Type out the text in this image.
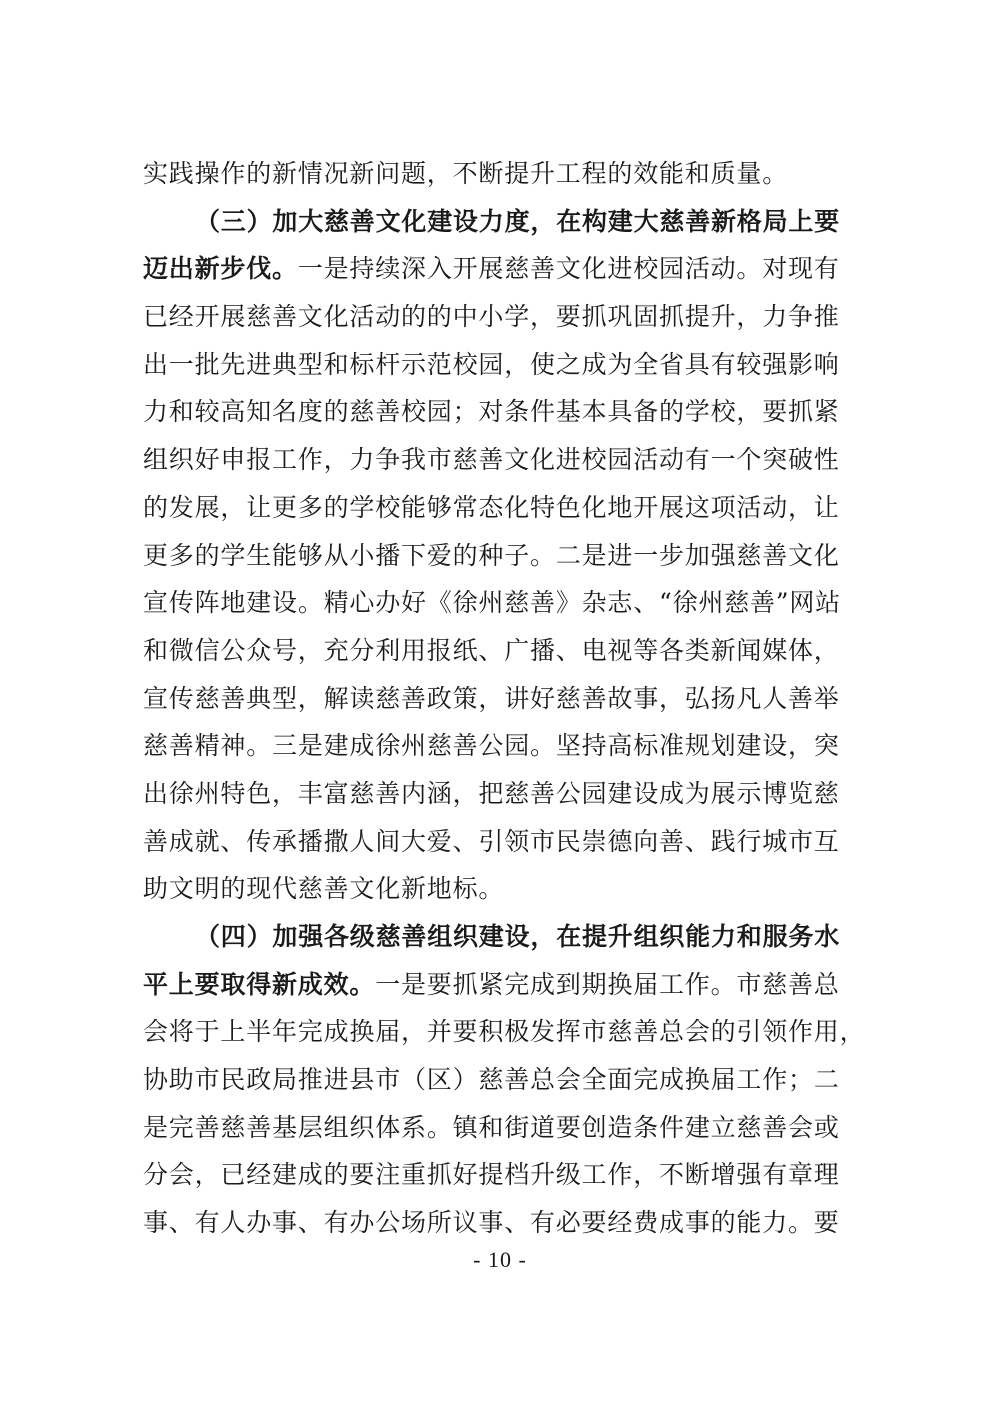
实践操作的新情况新问题，不断提升工程的效能和质量。
（三）加大慈善文化建设力度，在构建大慈善新格局上要
迈出新步伐。一是持续深入开展慈善文化进校园活动。对现有
已经开展慈善文化活动的的中小学，要抓巩固抓提升，力争推
出一批先进典型和标杆示范校园，使之成为全省具有较强影响
力和较高知名度的慈善校园；对条件基本具备的学校，要抓紧
组织好申报工作，力争我市慈善文化进校园活动有一个突破性
的发展，让更多的学校能够常态化特色化地开展这项活动，让
更多的学生能够从小播下爱的种子。二是进一步加强慈善文化
宣传阵地建设。精心办好《徐州慈善》杂志、“徐州慈善”网站
和微信公众号，充分利用报纸、广播、电视等各类新闻媒体，
宣传慈善典型，解读慈善政策，讲好慈善故事，弘扬凡人善举
慈善精神。三是建成徐州慈善公园。坚持高标准规划建设，突
出徐州特色，丰富慈善内涵，把慈善公园建设成为展示博览慈
善成就、传承播撒人间大爱、引领市民崇德向善、践行城市互
助文明的现代慈善文化新地标。
（四）加强各级慈善组织建设，在提升组织能力和服务水
平上要取得新成效。一是要抓紧完成到期换届工作。市慈善总
会将于上半年完成换届，并要积极发挥市慈善总会的引领作用，
协助市民政局推进县市（区）慈善总会全面完成换届工作；二
是完善慈善基层组织体系。镇和街道要创造条件建立慈善会或
分会，已经建成的要注重抓好提档升级工作，不断增强有章理
事、有人办事、有办公场所议事、有必要经费成事的能力。要
- 10 -
